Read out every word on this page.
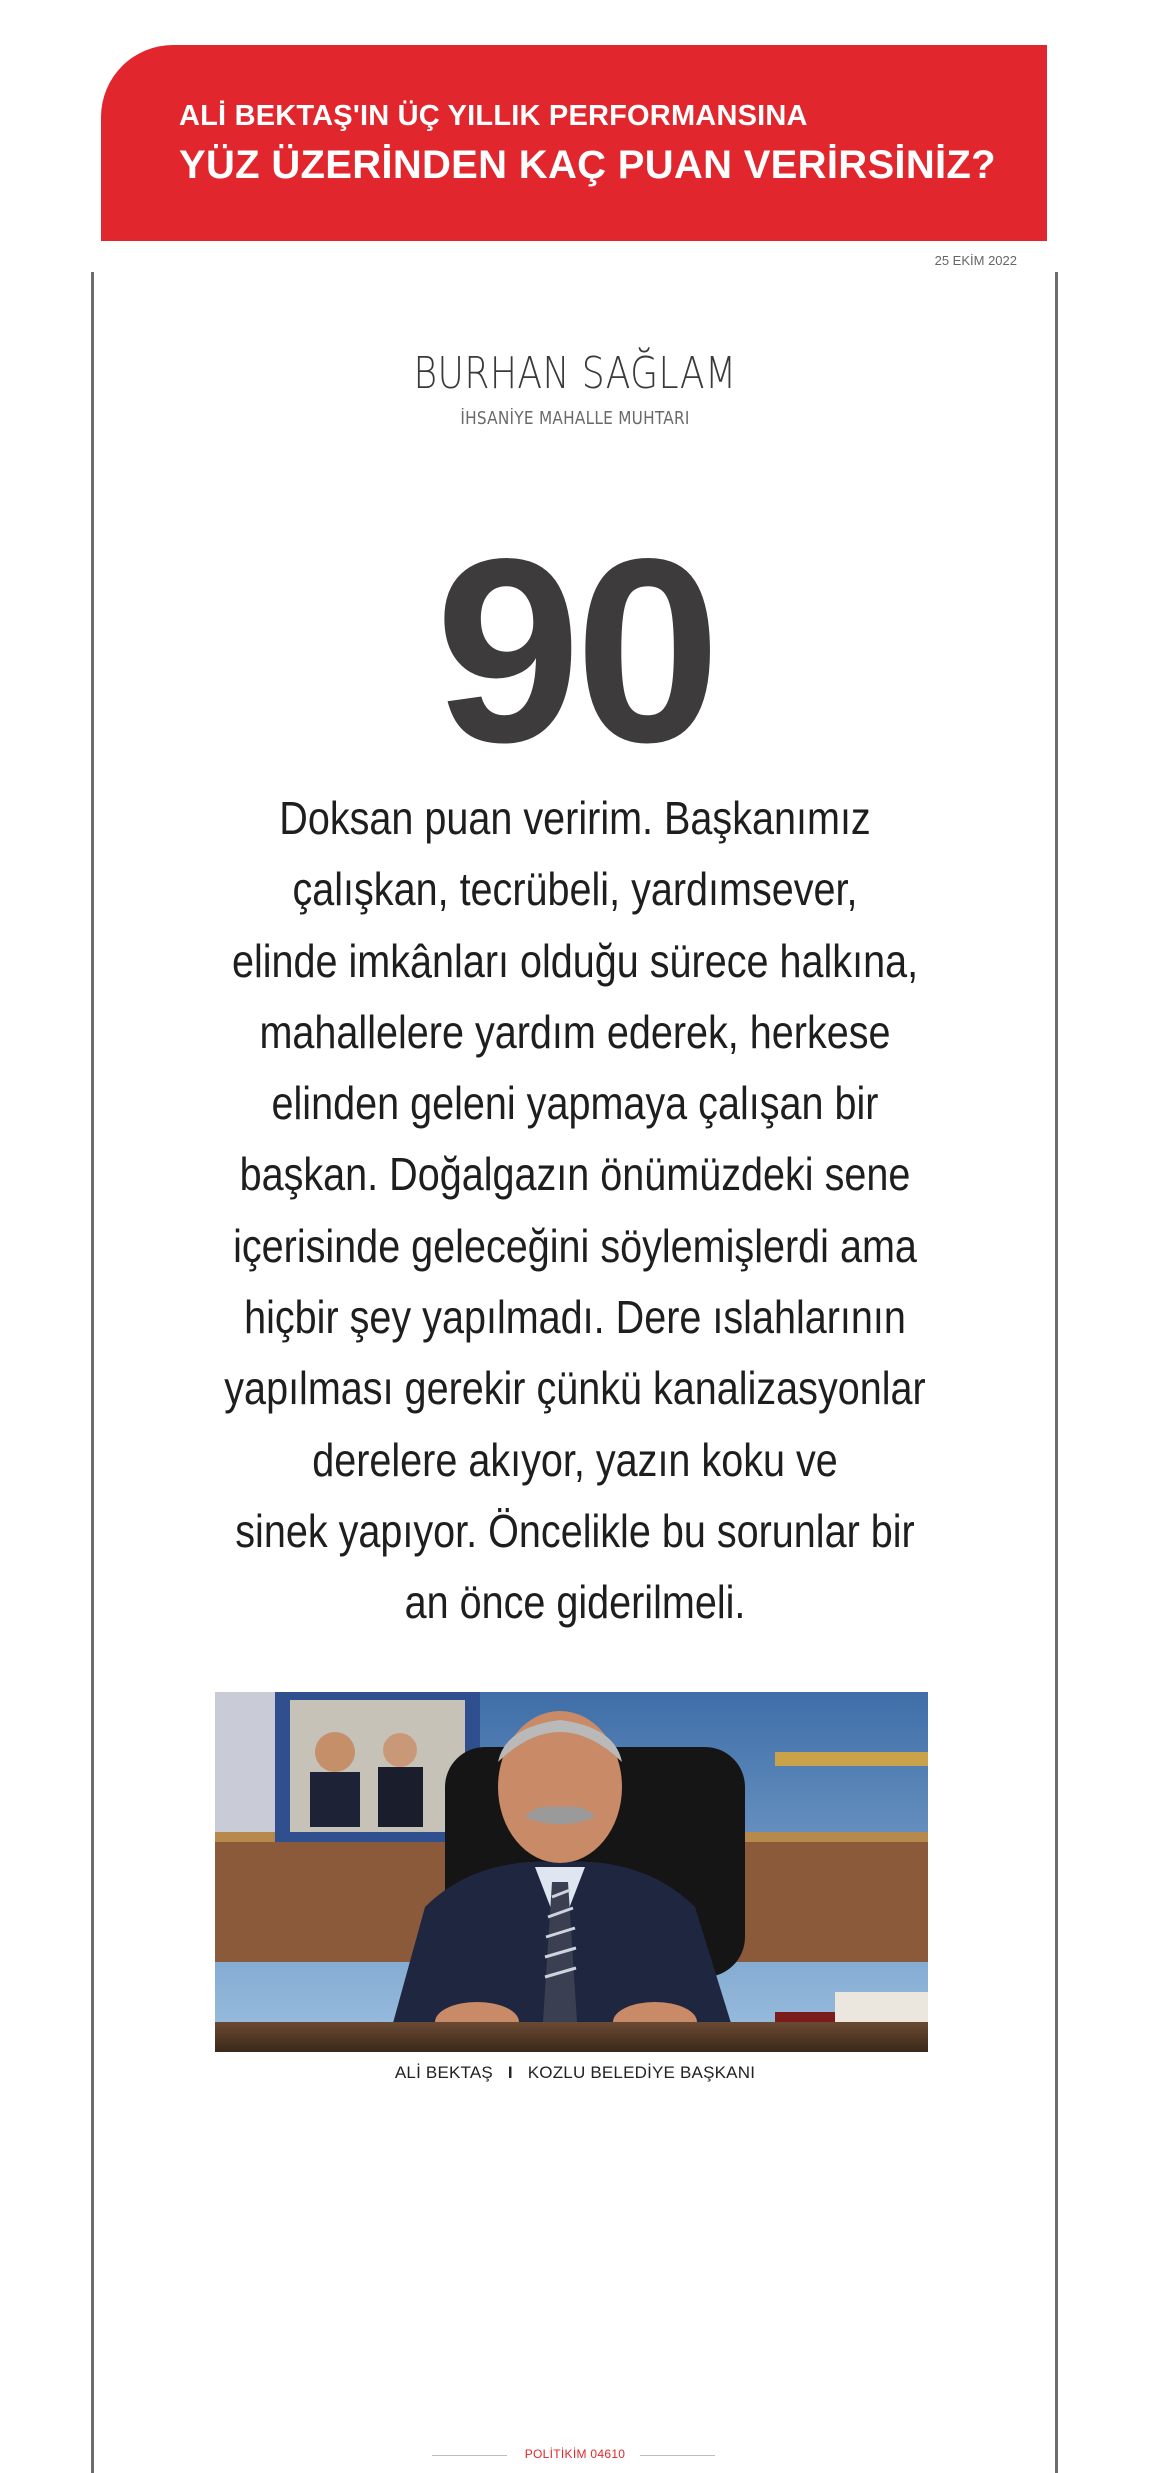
ALİ BEKTAŞ'IN ÜÇ YILLIK PERFORMANSINA
YÜZ ÜZERİNDEN KAÇ PUAN VERİRSİNİZ?
25 EKİM 2022
BURHAN SAĞLAM
İHSANİYE MAHALLE MUHTARI
90
Doksan puan veririm. Başkanımız
çalışkan, tecrübeli, yardımsever,
elinde imkânları olduğu sürece halkına,
mahallelere yardım ederek, herkese
elinden geleni yapmaya çalışan bir
başkan. Doğalgazın önümüzdeki sene
içerisinde geleceğini söylemişlerdi ama
hiçbir şey yapılmadı. Dere ıslahlarının
yapılması gerekir çünkü kanalizasyonlar
derelere akıyor, yazın koku ve
sinek yapıyor. Öncelikle bu sorunlar bir
an önce giderilmeli.
ALİ BEKTAŞ I KOZLU BELEDİYE BAŞKANI
POLİTİKİM 04610
